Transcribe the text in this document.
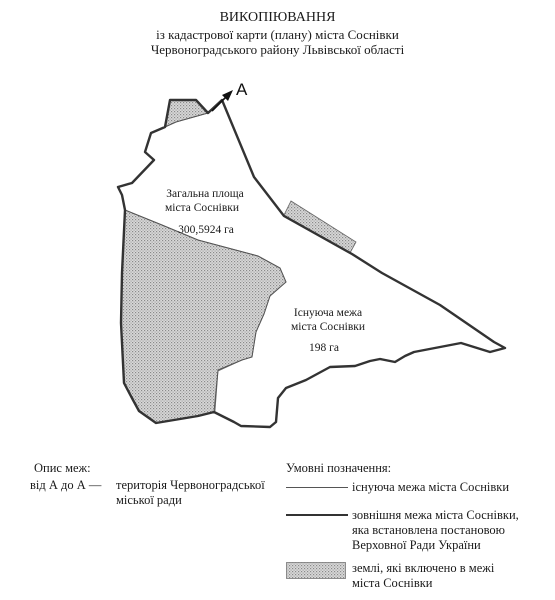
ВИКОПІЮВАННЯ
із кадастрової карти (плану) міста Соснівки
Червоноградського району Львівської області
А
Загальна площа
міста Соснівки
300,5924 га
Існуюча межа
міста Соснівки
198 га
Опис меж:
від А до А — територія Червоноградської
міської ради
Умовні позначення:
існуюча межа міста Соснівки
зовнішня межа міста Соснівки,
яка встановлена постановою
Верховної Ради України
землі, які включено в межі
міста Соснівки
